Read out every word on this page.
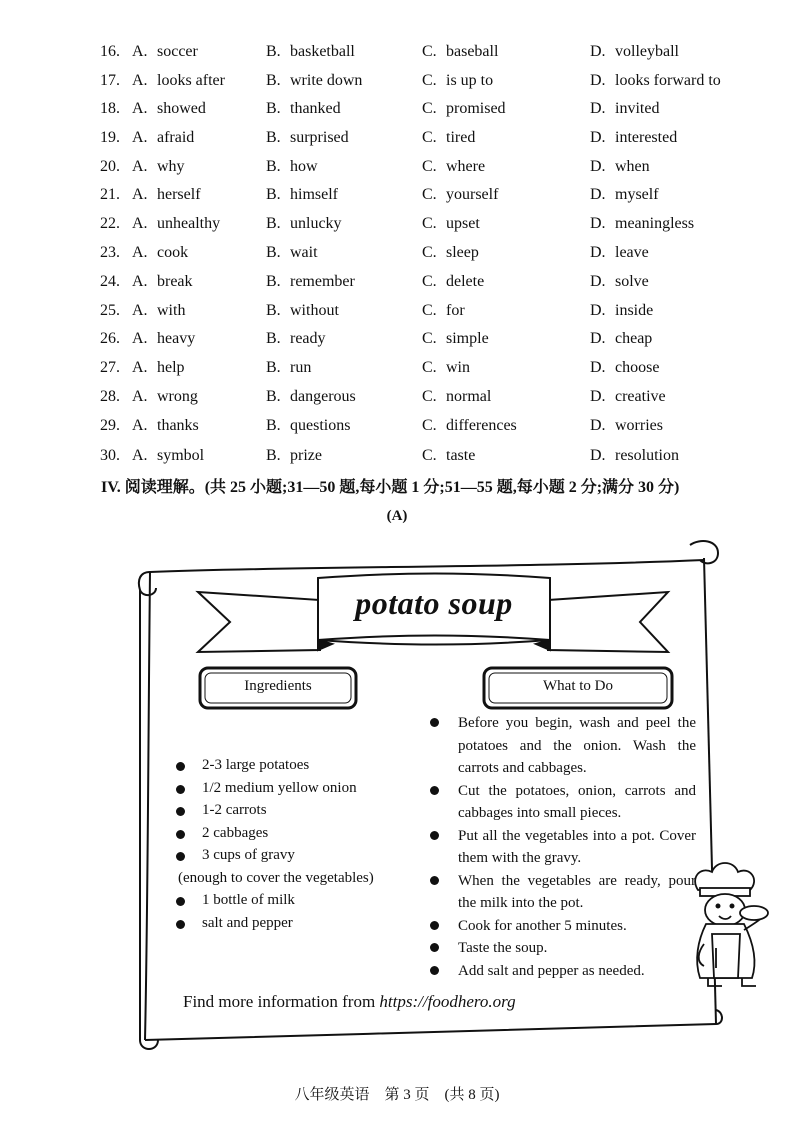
16. A. soccer	B. basketball	C. baseball	D. volleyball
17. A. looks after	B. write down	C. is up to	D. looks forward to
18. A. showed	B. thanked	C. promised	D. invited
19. A. afraid	B. surprised	C. tired	D. interested
20. A. why	B. how	C. where	D. when
21. A. herself	B. himself	C. yourself	D. myself
22. A. unhealthy	B. unlucky	C. upset	D. meaningless
23. A. cook	B. wait	C. sleep	D. leave
24. A. break	B. remember	C. delete	D. solve
25. A. with	B. without	C. for	D. inside
26. A. heavy	B. ready	C. simple	D. cheap
27. A. help	B. run	C. win	D. choose
28. A. wrong	B. dangerous	C. normal	D. creative
29. A. thanks	B. questions	C. differences	D. worries
30. A. symbol	B. prize	C. taste	D. resolution
IV. 阅读理解。(共 25 小题;31—50 题,每小题 1 分;51—55 题,每小题 2 分;满分 30 分)
(A)
potato soup
Ingredients	What to Do
2-3 large potatoes
1/2 medium yellow onion
1-2 carrots
2 cabbages
3 cups of gravy
(enough to cover the vegetables)
1 bottle of milk
salt and pepper
Before you begin, wash and peel the potatoes and the onion. Wash the carrots and cabbages.
Cut the potatoes, onion, carrots and cabbages into small pieces.
Put all the vegetables into a pot. Cover them with the gravy.
When the vegetables are ready, pour the milk into the pot.
Cook for another 5 minutes.
Taste the soup.
Add salt and pepper as needed.
Find more information from https://foodhero.org
八年级英语　第 3 页　(共 8 页)
